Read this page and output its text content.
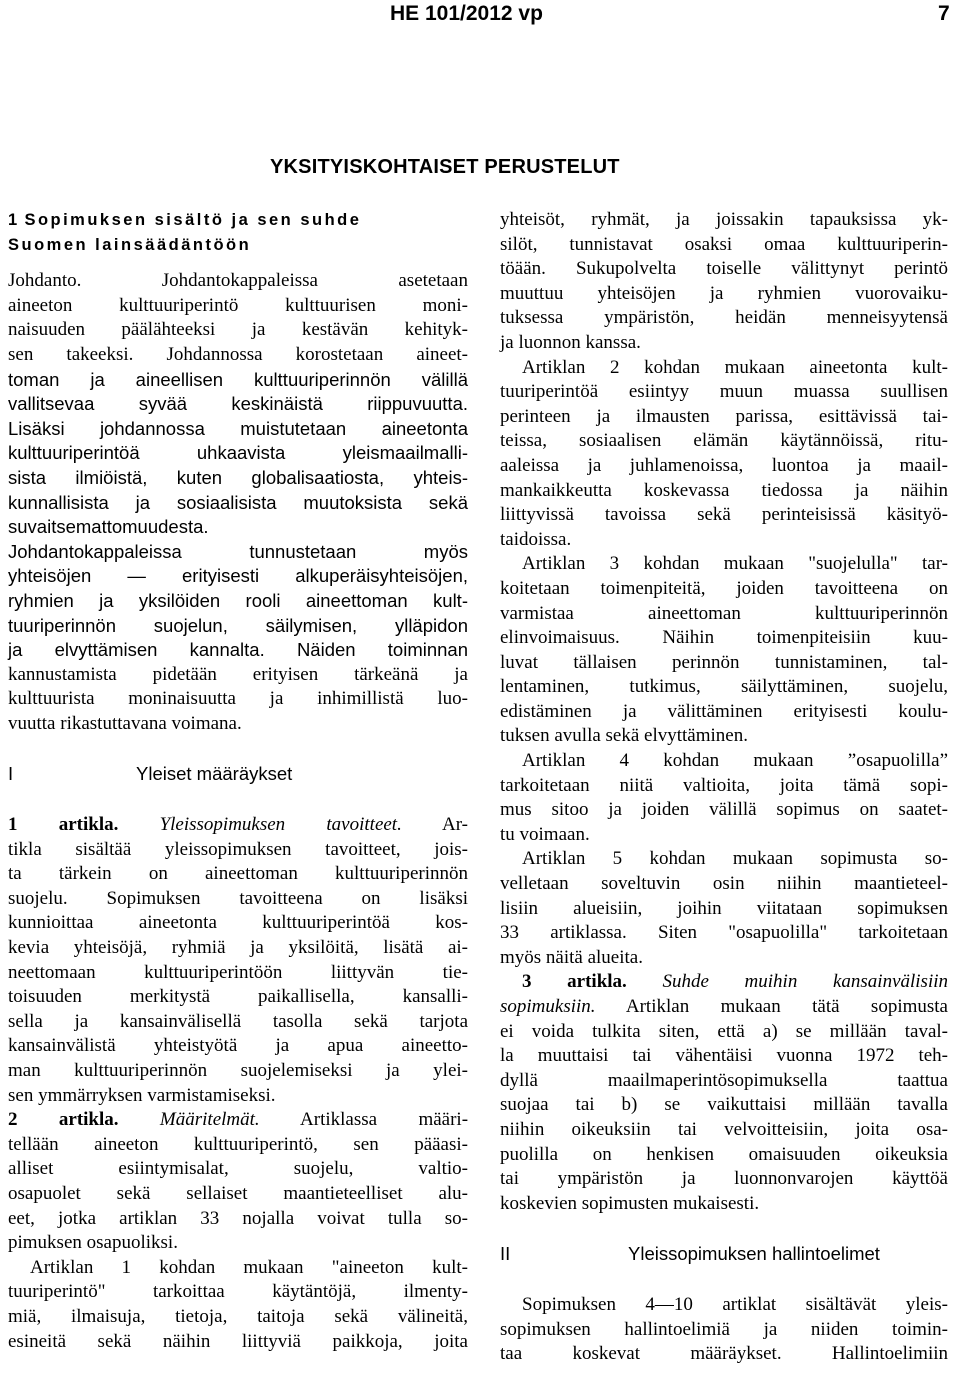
HE 101/2012 vp	7
YKSITYISKOHTAISET PERUSTELUT
1 Sopimuksen sisältö ja sen suhde
Suomen lainsäädäntöön
Johdanto. Johdantokappaleissa asetetaan
aineeton kulttuuriperintö kulttuurisen moni-
naisuuden päälähteeksi ja kestävän kehityk-
sen takeeksi. Johdannossa korostetaan aineet-
toman ja aineellisen kulttuuriperinnön välillä
vallitsevaa syvää keskinäistä riippuvuutta.
Lisäksi johdannossa muistutetaan aineetonta
kulttuuriperintöä uhkaavista yleismaailmalli-
sista ilmiöistä, kuten globalisaatiosta, yhteis-
kunnallisista ja sosiaalisista muutoksista sekä
suvaitsemattomuudesta.
Johdantokappaleissa tunnustetaan myös
yhteisöjen — erityisesti alkuperäisyhteisöjen,
ryhmien ja yksilöiden rooli aineettoman kult-
tuuriperinnön suojelun, säilymisen, ylläpidon
ja elvyttämisen kannalta. Näiden toiminnan
kannustamista pidetään erityisen tärkeänä ja
kulttuurista moninaisuutta ja inhimillistä luo-
vuutta rikastuttavana voimana.
I	Yleiset määräykset
1 artikla. Yleissopimuksen tavoitteet. Ar-
tikla sisältää yleissopimuksen tavoitteet, jois-
ta tärkein on aineettoman kulttuuriperinnön
suojelu. Sopimuksen tavoitteena on lisäksi
kunnioittaa aineetonta kulttuuriperintöä kos-
kevia yhteisöjä, ryhmiä ja yksilöitä, lisätä ai-
neettomaan kulttuuriperintöön liittyvän tie-
toisuuden merkitystä paikallisella, kansalli-
sella ja kansainvälisellä tasolla sekä tarjota
kansainvälistä yhteistyötä ja apua aineetto-
man kulttuuriperinnön suojelemiseksi ja ylei-
sen ymmärryksen varmistamiseksi.
2 artikla. Määritelmät. Artiklassa määri-
tellään aineeton kulttuuriperintö, sen pääasi-
alliset esiintymisalat, suojelu, valtio-
osapuolet sekä sellaiset maantieteelliset alu-
eet, jotka artiklan 33 nojalla voivat tulla so-
pimuksen osapuoliksi.
Artiklan 1 kohdan mukaan "aineeton kult-
tuuriperintö" tarkoittaa käytäntöjä, ilmenty-
miä, ilmaisuja, tietoja, taitoja sekä välineitä,
esineitä sekä näihin liittyviä paikkoja, joita
yhteisöt, ryhmät, ja joissakin tapauksissa yk-
silöt, tunnistavat osaksi omaa kulttuuriperin-
töään. Sukupolvelta toiselle välittynyt perintö
muuttuu yhteisöjen ja ryhmien vuorovaiku-
tuksessa ympäristön, heidän menneisyytensä
ja luonnon kanssa.
Artiklan 2 kohdan mukaan aineetonta kult-
tuuriperintöä esiintyy muun muassa suullisen
perinteen ja ilmausten parissa, esittävissä tai-
teissa, sosiaalisen elämän käytännöissä, ritu-
aaleissa ja juhlamenoissa, luontoa ja maail-
mankaikkeutta koskevassa tiedossa ja näihin
liittyvissä tavoissa sekä perinteisissä käsityö-
taidoissa.
Artiklan 3 kohdan mukaan "suojelulla" tar-
koitetaan toimenpiteitä, joiden tavoitteena on
varmistaa aineettoman kulttuuriperinnön
elinvoimaisuus. Näihin toimenpiteisiin kuu-
luvat tällaisen perinnön tunnistaminen, tal-
lentaminen, tutkimus, säilyttäminen, suojelu,
edistäminen ja välittäminen erityisesti koulu-
tuksen avulla sekä elvyttäminen.
Artiklan 4 kohdan mukaan ”osapuolilla”
tarkoitetaan niitä valtioita, joita tämä sopi-
mus sitoo ja joiden välillä sopimus on saatet-
tu voimaan.
Artiklan 5 kohdan mukaan sopimusta so-
velletaan soveltuvin osin niihin maantieteel-
lisiin alueisiin, joihin viitataan sopimuksen
33 artiklassa. Siten "osapuolilla" tarkoitetaan
myös näitä alueita.
3 artikla. Suhde muihin kansainvälisiin
sopimuksiin. Artiklan mukaan tätä sopimusta
ei voida tulkita siten, että a) se millään taval-
la muuttaisi tai vähentäisi vuonna 1972 teh-
dyllä maailmaperintösopimuksella taattua
suojaa tai b) se vaikuttaisi millään tavalla
niihin oikeuksiin tai velvoitteisiin, joita osa-
puolilla on henkisen omaisuuden oikeuksia
tai ympäristön ja luonnonvarojen käyttöä
koskevien sopimusten mukaisesti.
II	Yleissopimuksen hallintoelimet
Sopimuksen 4—10 artiklat sisältävät yleis-
sopimuksen hallintoelimiä ja niiden toimin-
taa koskevat määräykset. Hallintoelimiin
